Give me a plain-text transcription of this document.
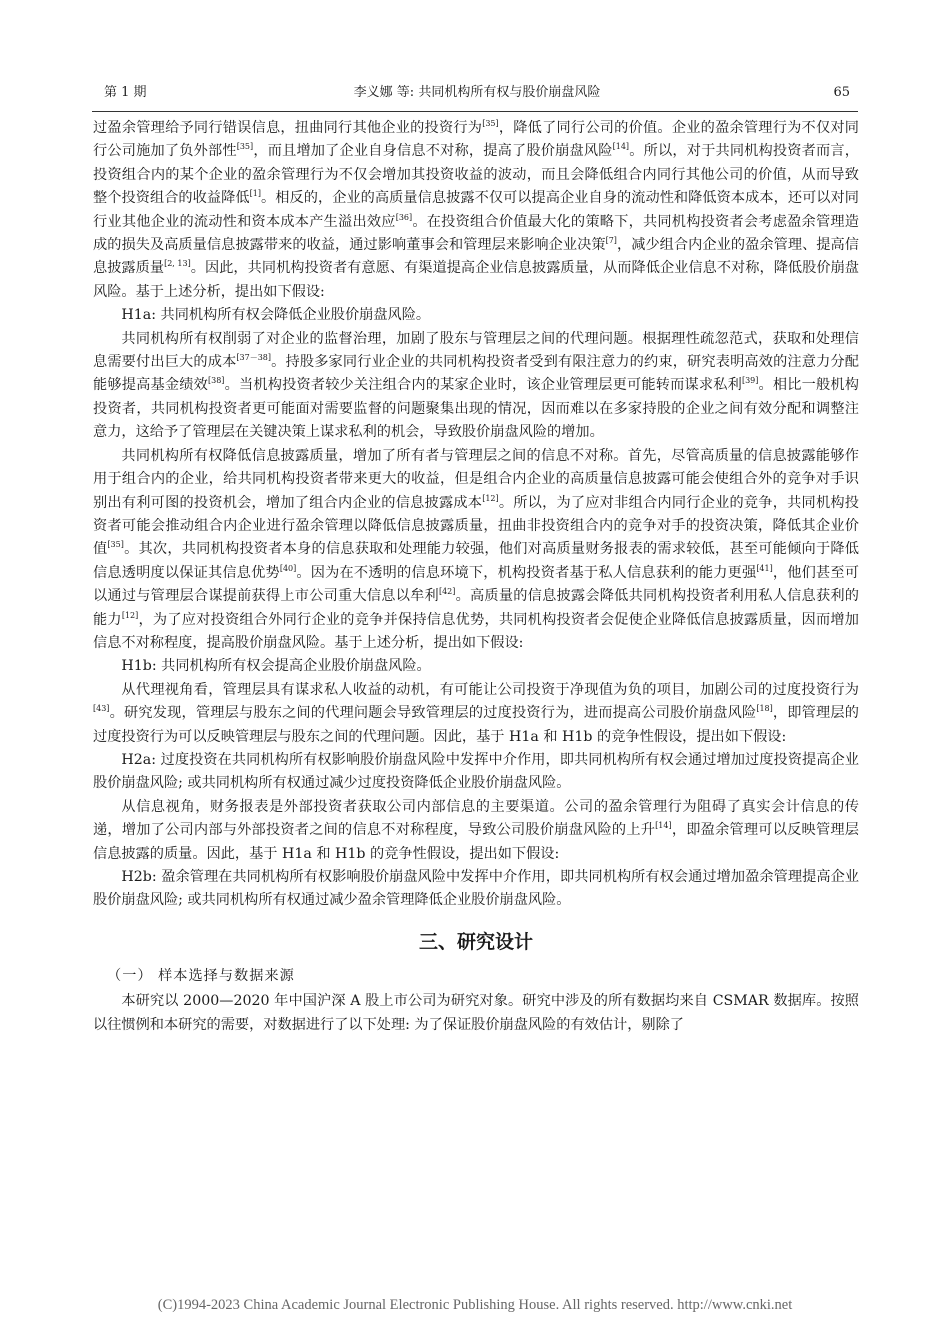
第 1 期	李义娜 等: 共同机构所有权与股价崩盘风险	65

过盈余管理给予同行错误信息，扭曲同行其他企业的投资行为[35]，降低了同行公司的价值。企业的盈余管理行为不仅对同行公司施加了负外部性[35]，而且增加了企业自身信息不对称，提高了股价崩盘风险[14]。所以，对于共同机构投资者而言，投资组合内的某个企业的盈余管理行为不仅会增加其投资收益的波动，而且会降低组合内同行其他公司的价值，从而导致整个投资组合的收益降低[1]。相反的，企业的高质量信息披露不仅可以提高企业自身的流动性和降低资本成本，还可以对同行业其他企业的流动性和资本成本产生溢出效应[36]。在投资组合价值最大化的策略下，共同机构投资者会考虑盈余管理造成的损失及高质量信息披露带来的收益，通过影响董事会和管理层来影响企业决策[7]，减少组合内企业的盈余管理、提高信息披露质量[2, 13]。因此，共同机构投资者有意愿、有渠道提高企业信息披露质量，从而降低企业信息不对称，降低股价崩盘风险。基于上述分析，提出如下假设:

H1a: 共同机构所有权会降低企业股价崩盘风险。

共同机构所有权削弱了对企业的监督治理，加剧了股东与管理层之间的代理问题。根据理性疏忽范式，获取和处理信息需要付出巨大的成本[37－38]。持股多家同行业企业的共同机构投资者受到有限注意力的约束，研究表明高效的注意力分配能够提高基金绩效[38]。当机构投资者较少关注组合内的某家企业时，该企业管理层更可能转而谋求私利[39]。相比一般机构投资者，共同机构投资者更可能面对需要监督的问题聚集出现的情况，因而难以在多家持股的企业之间有效分配和调整注意力，这给予了管理层在关键决策上谋求私利的机会，导致股价崩盘风险的增加。

共同机构所有权降低信息披露质量，增加了所有者与管理层之间的信息不对称。首先，尽管高质量的信息披露能够作用于组合内的企业，给共同机构投资者带来更大的收益，但是组合内企业的高质量信息披露可能会使组合外的竞争对手识别出有利可图的投资机会，增加了组合内企业的信息披露成本[12]。所以，为了应对非组合内同行企业的竞争，共同机构投资者可能会推动组合内企业进行盈余管理以降低信息披露质量，扭曲非投资组合内的竞争对手的投资决策，降低其企业价值[35]。其次，共同机构投资者本身的信息获取和处理能力较强，他们对高质量财务报表的需求较低，甚至可能倾向于降低信息透明度以保证其信息优势[40]。因为在不透明的信息环境下，机构投资者基于私人信息获利的能力更强[41]，他们甚至可以通过与管理层合谋提前获得上市公司重大信息以牟利[42]。高质量的信息披露会降低共同机构投资者利用私人信息获利的能力[12]，为了应对投资组合外同行企业的竞争并保持信息优势，共同机构投资者会促使企业降低信息披露质量，因而增加信息不对称程度，提高股价崩盘风险。基于上述分析，提出如下假设:

H1b: 共同机构所有权会提高企业股价崩盘风险。

从代理视角看，管理层具有谋求私人收益的动机，有可能让公司投资于净现值为负的项目，加剧公司的过度投资行为[43]。研究发现，管理层与股东之间的代理问题会导致管理层的过度投资行为，进而提高公司股价崩盘风险[18]，即管理层的过度投资行为可以反映管理层与股东之间的代理问题。因此，基于 H1a 和 H1b 的竞争性假设，提出如下假设:

H2a: 过度投资在共同机构所有权影响股价崩盘风险中发挥中介作用，即共同机构所有权会通过增加过度投资提高企业股价崩盘风险; 或共同机构所有权通过减少过度投资降低企业股价崩盘风险。

从信息视角，财务报表是外部投资者获取公司内部信息的主要渠道。公司的盈余管理行为阻碍了真实会计信息的传递，增加了公司内部与外部投资者之间的信息不对称程度，导致公司股价崩盘风险的上升[14]，即盈余管理可以反映管理层信息披露的质量。因此，基于 H1a 和 H1b 的竞争性假设，提出如下假设:

H2b: 盈余管理在共同机构所有权影响股价崩盘风险中发挥中介作用，即共同机构所有权会通过增加盈余管理提高企业股价崩盘风险; 或共同机构所有权通过减少盈余管理降低企业股价崩盘风险。

三、研究设计
（一） 样本选择与数据来源

本研究以 2000—2020 年中国沪深 A 股上市公司为研究对象。研究中涉及的所有数据均来自 CSMAR 数据库。按照以往惯例和本研究的需要，对数据进行了以下处理: 为了保证股价崩盘风险的有效估计，剔除了

(C)1994-2023 China Academic Journal Electronic Publishing House. All rights reserved. http://www.cnki.net
